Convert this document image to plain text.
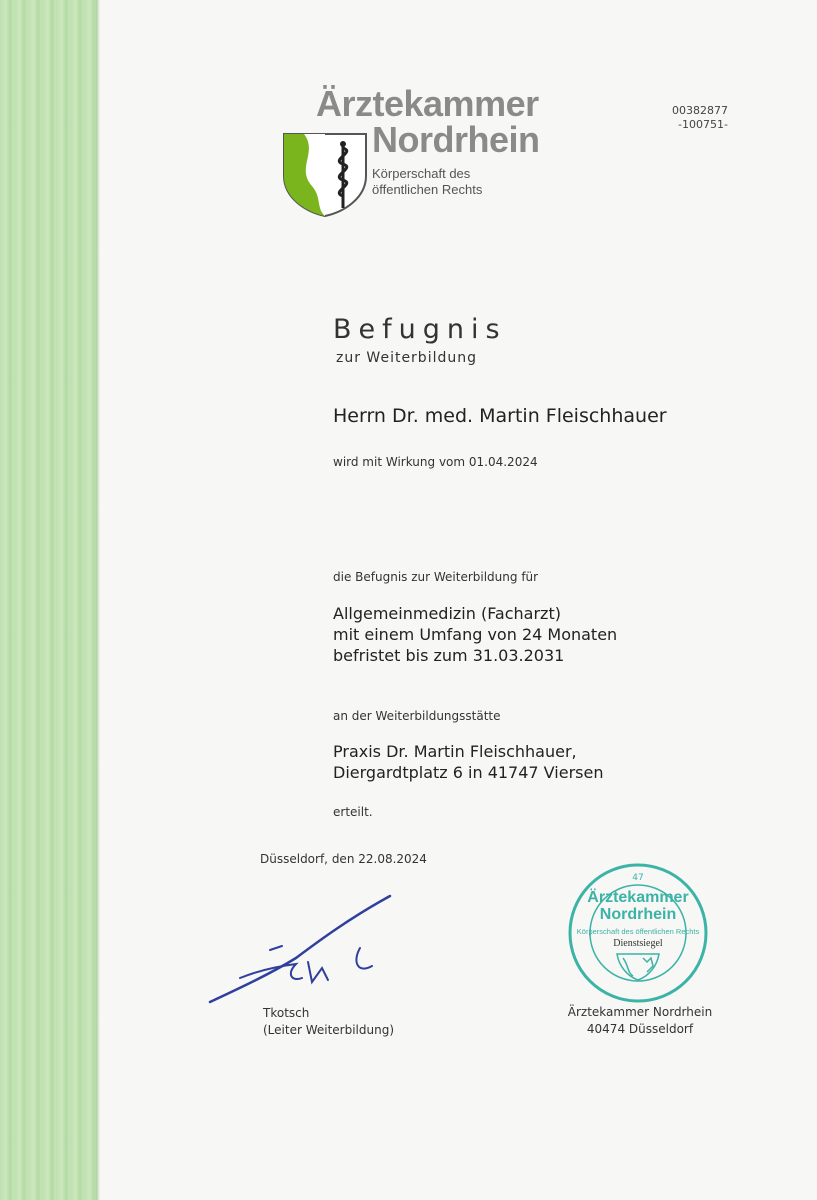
Ärztekammer
Nordrhein
Körperschaft des
öffentlichen Rechts
00382877
-100751-
Befugnis
zur Weiterbildung
Herrn Dr. med. Martin Fleischhauer
wird mit Wirkung vom 01.04.2024
die Befugnis zur Weiterbildung für
Allgemeinmedizin (Facharzt)
mit einem Umfang von 24 Monaten
befristet bis zum 31.03.2031
an der Weiterbildungsstätte
Praxis Dr. Martin Fleischhauer,
Diergardtplatz 6 in 41747 Viersen
erteilt.
Düsseldorf, den 22.08.2024
Tkotsch
(Leiter Weiterbildung)
47
Ärztekammer
Nordrhein
Körperschaft des öffentlichen Rechts
Dienstsiegel
Ärztekammer Nordrhein
40474 Düsseldorf
